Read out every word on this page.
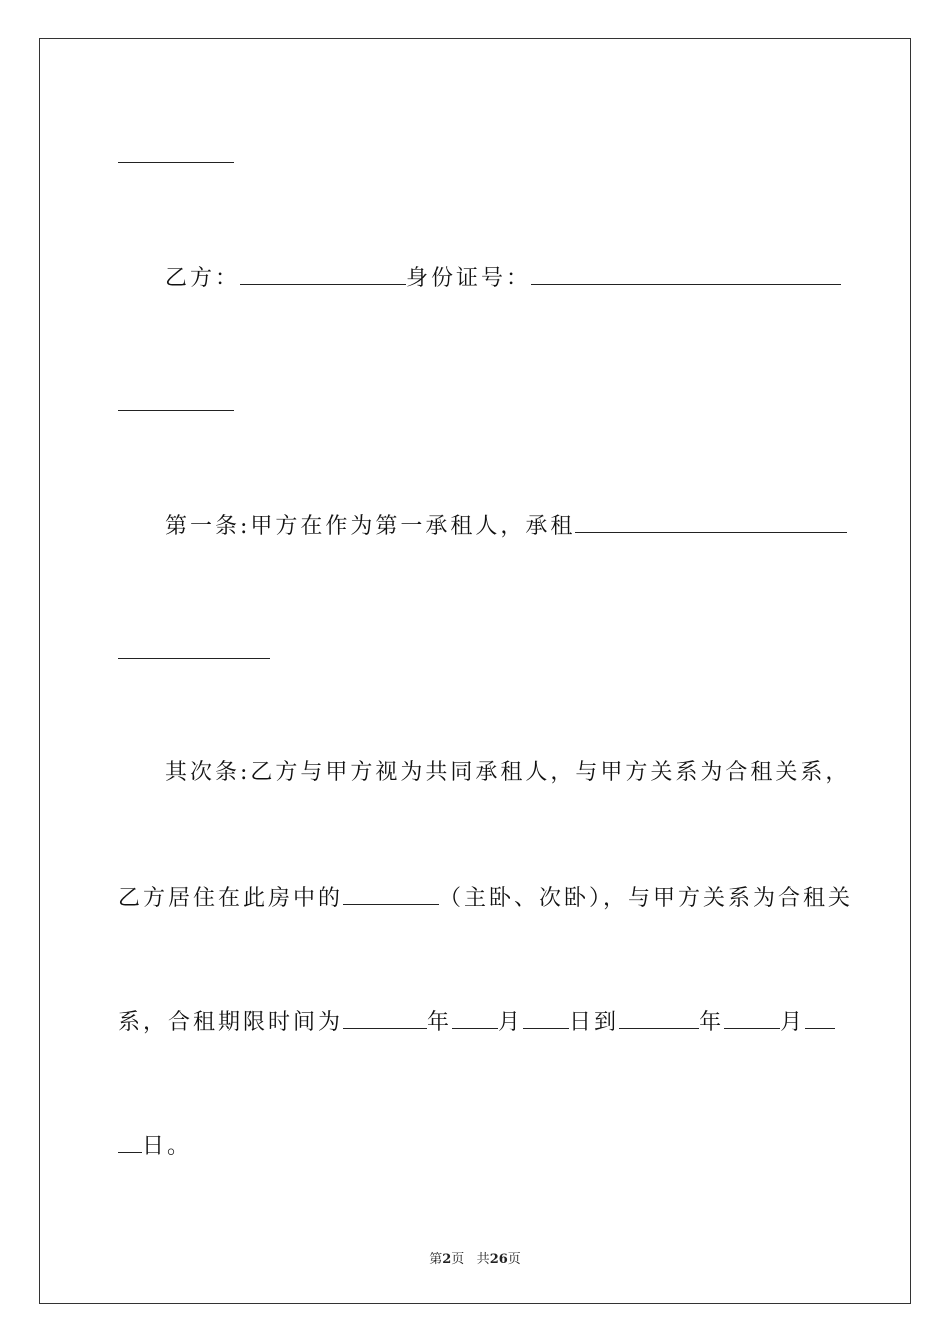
乙方：	身份证号：
第一条:甲方在作为第一承租人，承租
其次条:乙方与甲方视为共同承租人，与甲方关系为合租关系，
乙方居住在此房中的	（主卧、次卧），与甲方关系为合租关
系，合租期限时间为	年 月 日到	年	月
日。
第2页 共26页
